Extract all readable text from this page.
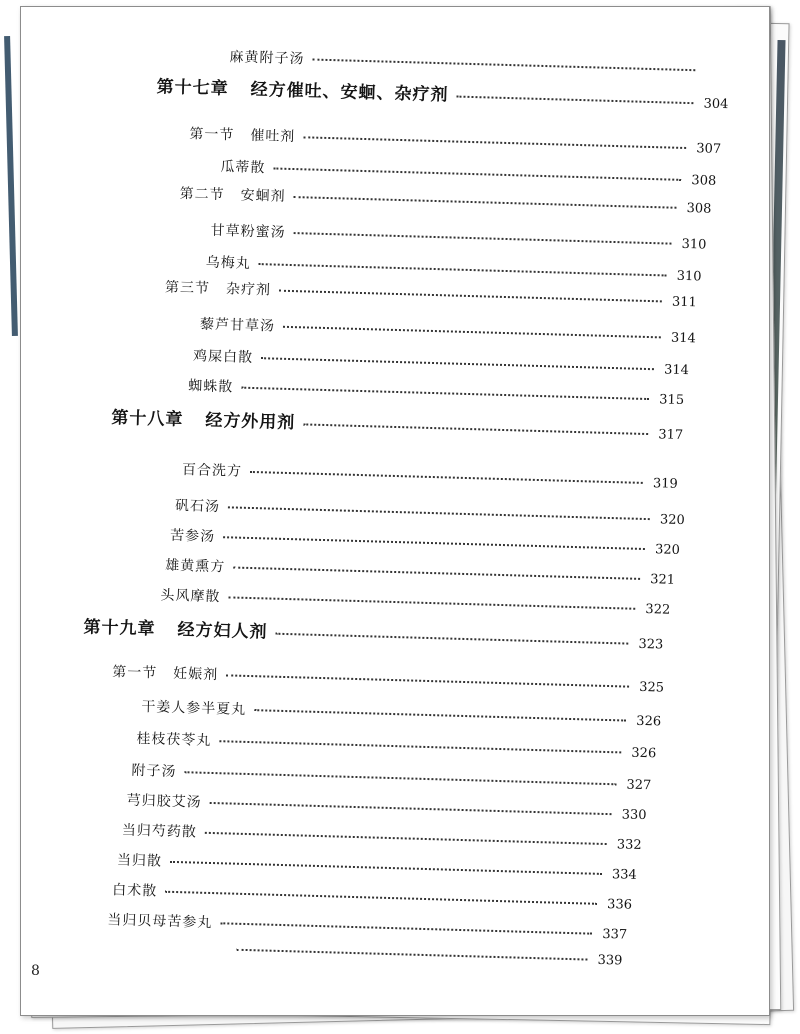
麻黄附子汤
第十七章 经方催吐、安蛔、杂疗剂	304
第一节 催吐剂
307
瓜蒂散
308
第二节 安蛔剂
308
甘草粉蜜汤
310
乌梅丸
310
第三节 杂疗剂
311
藜芦甘草汤
314
鸡屎白散
314
蜘蛛散
315
第十八章 经方外用剂
317
百合洗方
319
矾石汤
320
苦参汤
320
雄黄熏方
321
头风摩散
322
第十九章 经方妇人剂
323
第一节 妊娠剂
325
干姜人参半夏丸
326
桂枝茯苓丸
326
附子汤
327
芎归胶艾汤
330
当归芍药散
332
当归散
334
白术散
336
当归贝母苦参丸
337
339
8
